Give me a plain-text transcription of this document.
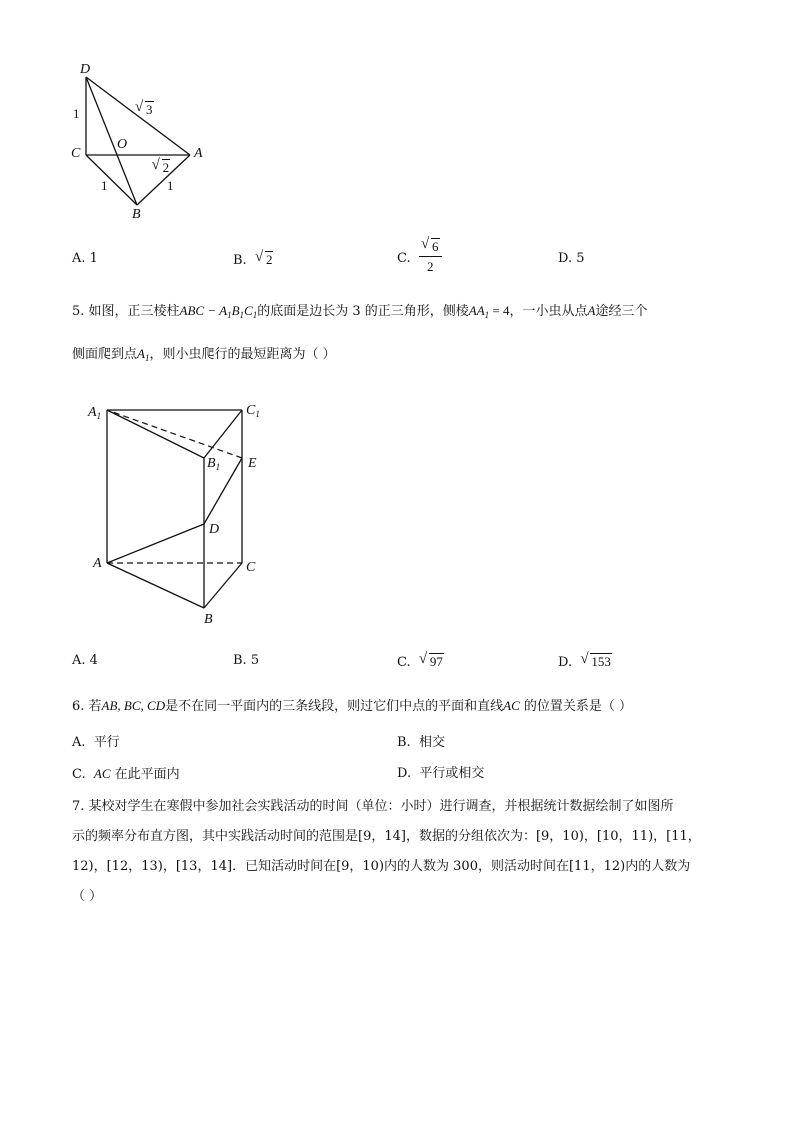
D
1	√ 3
C
O
√ 2
A
1	1
B
A. 1	B. √ 2	C. $\frac{√ 6}{2}$	D. 5
5. 如图，正三棱柱ABC − $A_1B_1C_1$的底面是边长为 3 的正三角形，侧棱$AA_1 = 4$，一小虫从点A途经三个
侧面爬到点$A_1$，则小虫爬行的最短距离为（ ）
$A_1$	$C_1$
$B_1$ E
D
A	C
B
A. 4	B. 5	C. √ 97	D. √ 153
6. 若AB, BC, CD是不在同一平面内的三条线段，则过它们中点的平面和直线AC 的位置关系是（ ）
A. 平行	B. 相交
C. AC 在此平面内	D. 平行或相交
7. 某校对学生在寒假中参加社会实践活动的时间（单位：小时）进行调查，并根据统计数据绘制了如图所
示的频率分布直方图，其中实践活动时间的范围是[9，14]，数据的分组依次为：[9，10)，[10，11)，[11，
12)，[12，13)，[13，14]．已知活动时间在[9，10)内的人数为 300，则活动时间在[11，12)内的人数为
（ ）
